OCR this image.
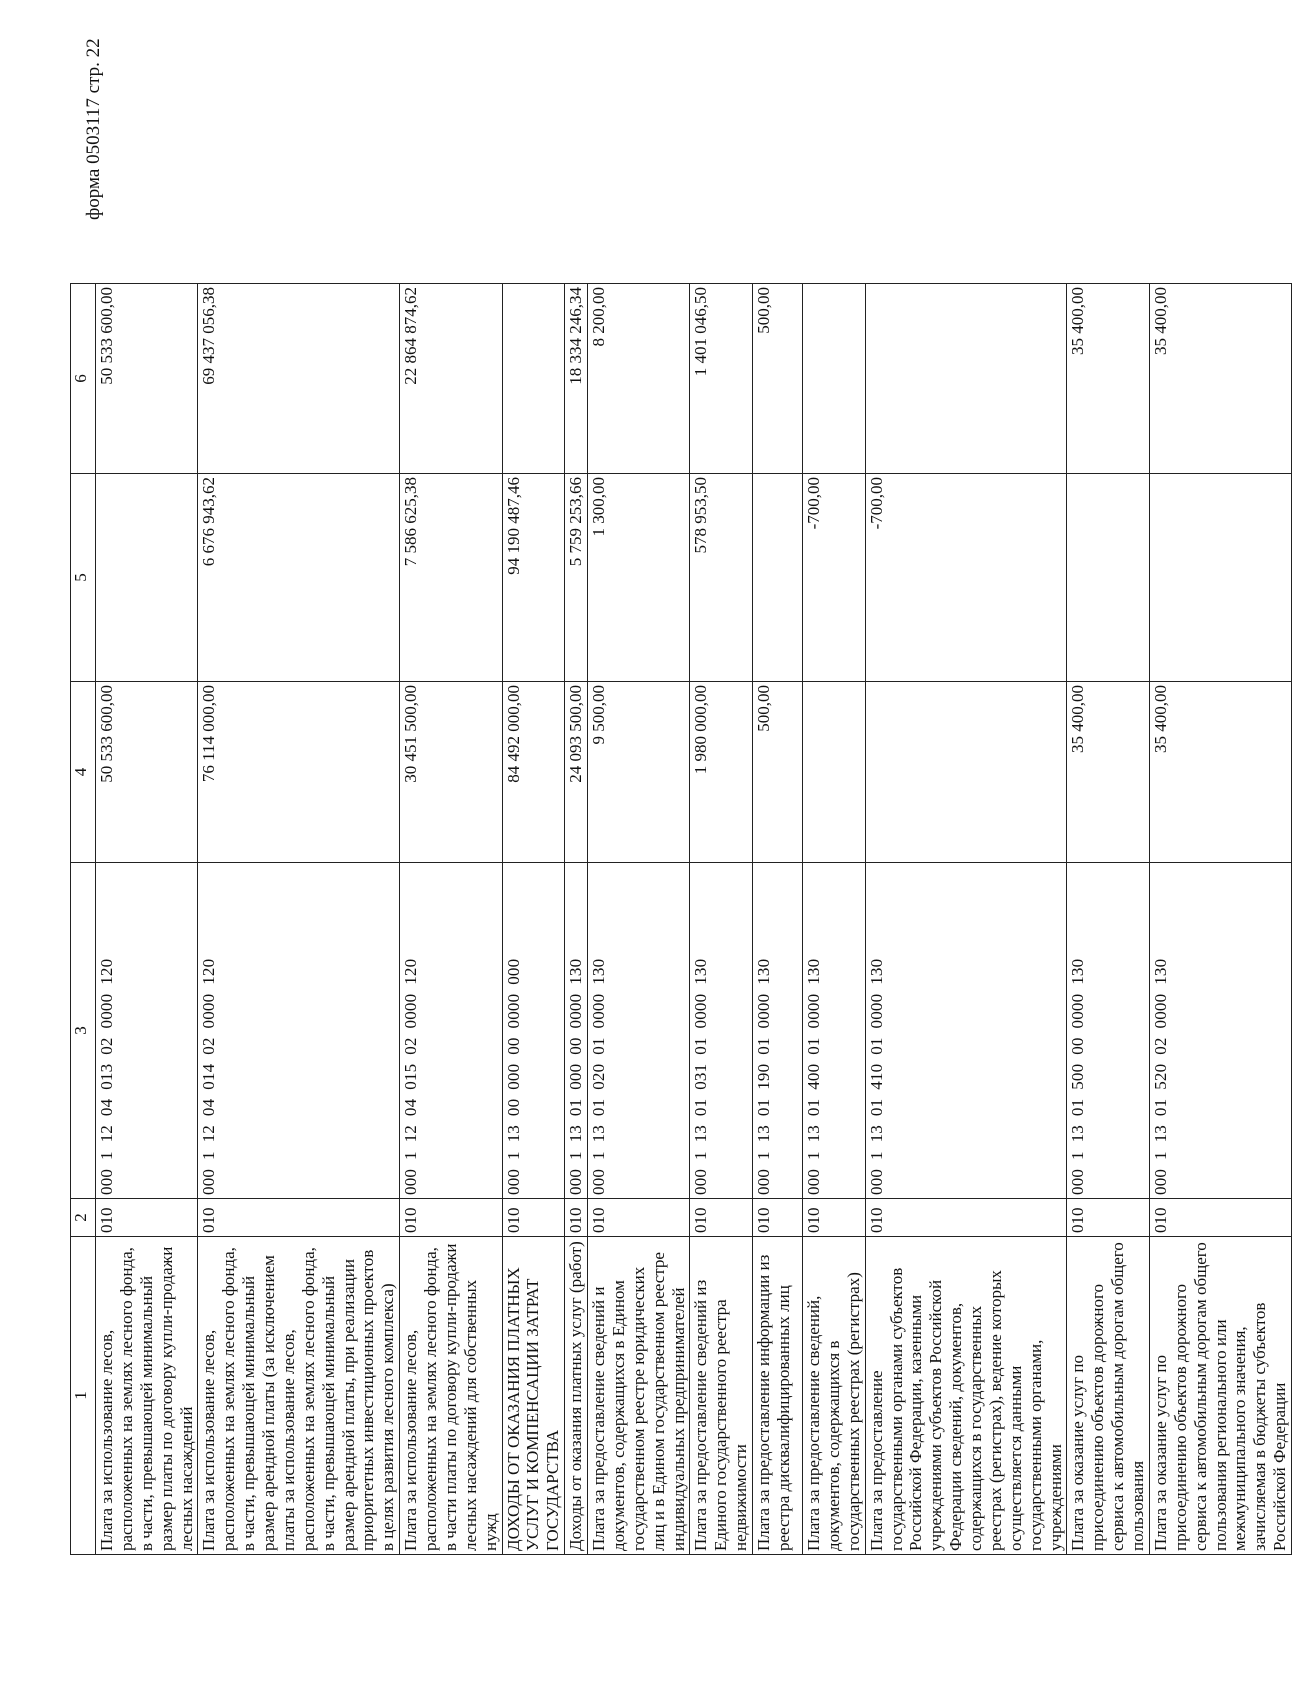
форма 0503117 стр. 22
1	2	3	4	5	6
Плата за использование лесов, расположенных на землях лесного фонда, в части, превышающей минимальный размер платы по договору купли-продажи лесных насаждений	010	000  1  12  04  013  02  0000  120	50 533 600,00		50 533 600,00
Плата за использование лесов, расположенных на землях лесного фонда, в части, превышающей минимальный размер арендной платы (за исключением платы за использование лесов, расположенных на землях лесного фонда, в части, превышающей минимальный размер арендной платы, при реализации приоритетных инвестиционных проектов в целях развития лесного комплекса)	010	000  1  12  04  014  02  0000  120	76 114 000,00	6 676 943,62	69 437 056,38
Плата за использование лесов, расположенных на землях лесного фонда, в части платы по договору купли-продажи лесных насаждений для собственных нужд	010	000  1  12  04  015  02  0000  120	30 451 500,00	7 586 625,38	22 864 874,62
ДОХОДЫ ОТ ОКАЗАНИЯ ПЛАТНЫХ УСЛУГ И КОМПЕНСАЦИИ ЗАТРАТ ГОСУДАРСТВА	010	000  1  13  00  000  00  0000  000	84 492 000,00	94 190 487,46	
Доходы от оказания платных услуг (работ)	010	000  1  13  01  000  00  0000  130	24 093 500,00	5 759 253,66	18 334 246,34
Плата за предоставление сведений и документов, содержащихся в Едином государственном реестре юридических лиц и в Едином государственном реестре индивидуальных предпринимателей	010	000  1  13  01  020  01  0000  130	9 500,00	1 300,00	8 200,00
Плата за предоставление сведений из Единого государственного реестра недвижимости	010	000  1  13  01  031  01  0000  130	1 980 000,00	578 953,50	1 401 046,50
Плата за предоставление информации из реестра дисквалифицированных лиц	010	000  1  13  01  190  01  0000  130	500,00		500,00
Плата за предоставление сведений, документов, содержащихся в государственных реестрах (регистрах)	010	000  1  13  01  400  01  0000  130		-700,00	
Плата за предоставление государственными органами субъектов Российской Федерации, казенными учреждениями субъектов Российской Федерации сведений, документов, содержащихся в государственных реестрах (регистрах), ведение которых осуществляется данными государственными органами, учреждениями	010	000  1  13  01  410  01  0000  130		-700,00	
Плата за оказание услуг по присоединению объектов дорожного сервиса к автомобильным дорогам общего пользования	010	000  1  13  01  500  00  0000  130	35 400,00		35 400,00
Плата за оказание услуг по присоединению объектов дорожного сервиса к автомобильным дорогам общего пользования регионального или межмуниципального значения, зачисляемая в бюджеты субъектов Российской Федерации	010	000  1  13  01  520  02  0000  130	35 400,00		35 400,00
